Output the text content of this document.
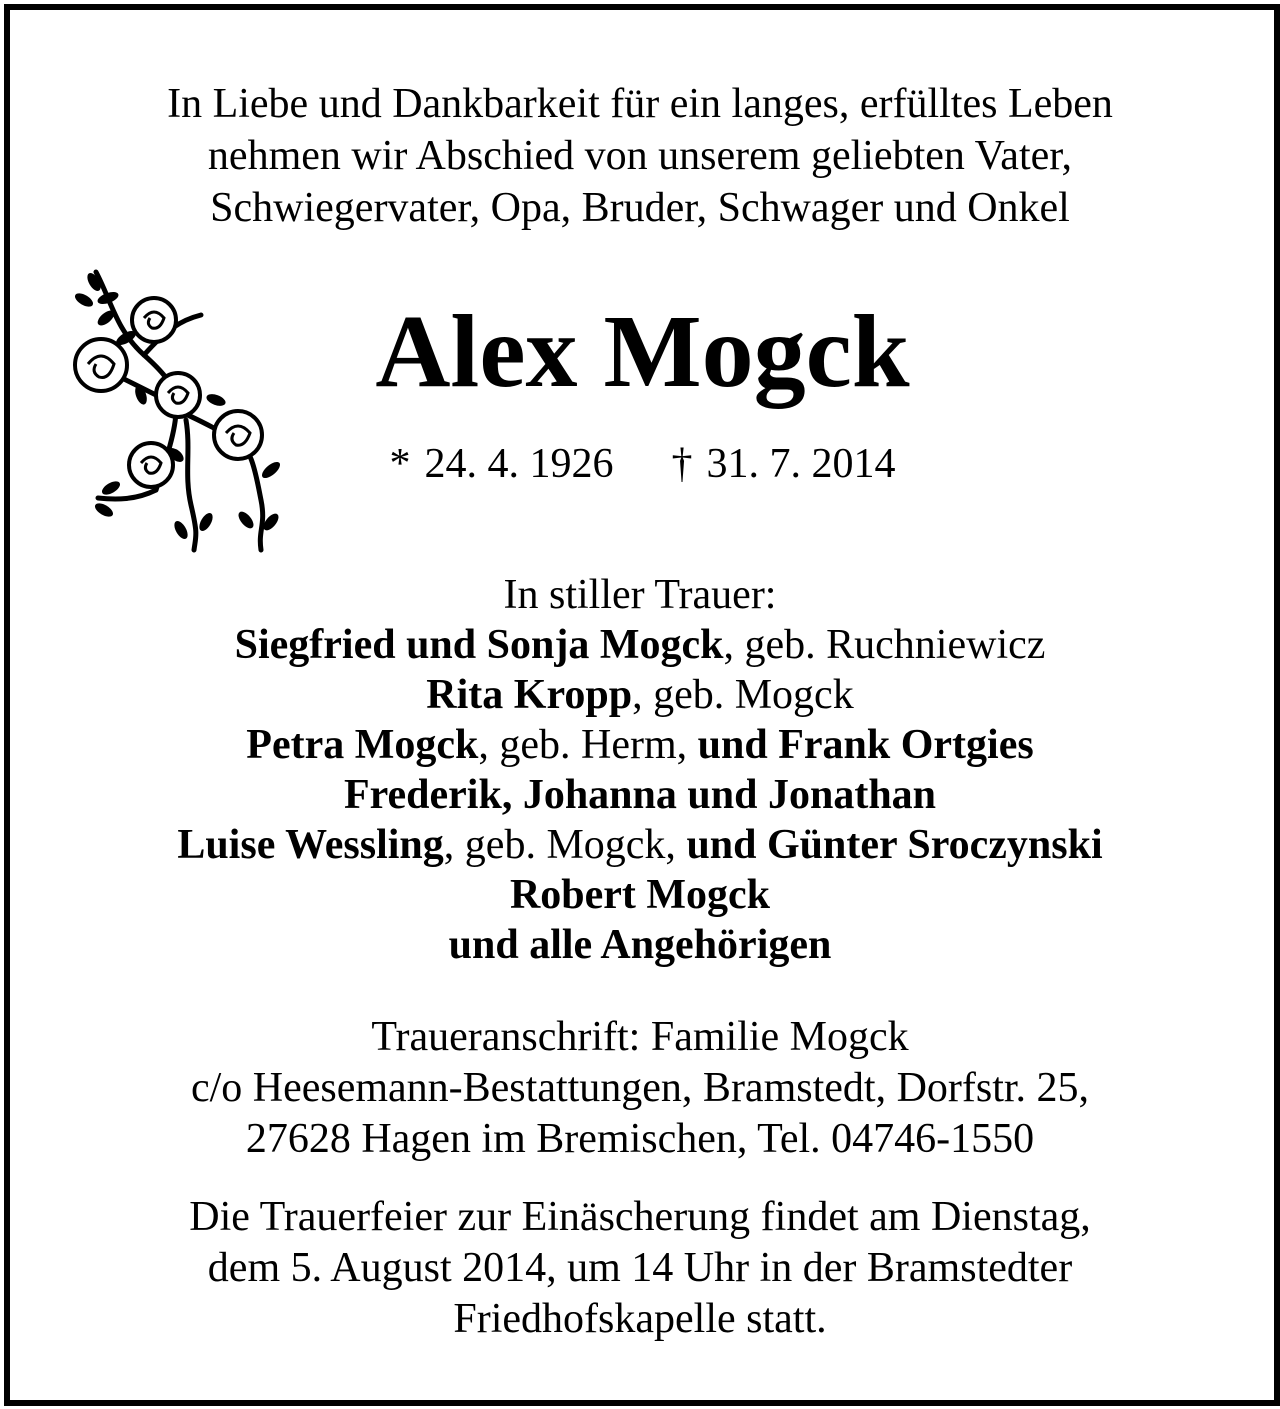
In Liebe und Dankbarkeit für ein langes, erfülltes Leben
nehmen wir Abschied von unserem geliebten Vater,
Schwiegervater, Opa, Bruder, Schwager und Onkel
Alex Mogck
* 24. 4. 1926 † 31. 7. 2014
In stiller Trauer:
Siegfried und Sonja Mogck, geb. Ruchniewicz
Rita Kropp, geb. Mogck
Petra Mogck, geb. Herm, und Frank Ortgies
Frederik, Johanna und Jonathan
Luise Wessling, geb. Mogck, und Günter Sroczynski
Robert Mogck
und alle Angehörigen
Traueranschrift: Familie Mogck
c/o Heesemann-Bestattungen, Bramstedt, Dorfstr. 25,
27628 Hagen im Bremischen, Tel. 04746-1550
Die Trauerfeier zur Einäscherung findet am Dienstag,
dem 5. August 2014, um 14 Uhr in der Bramstedter
Friedhofskapelle statt.
